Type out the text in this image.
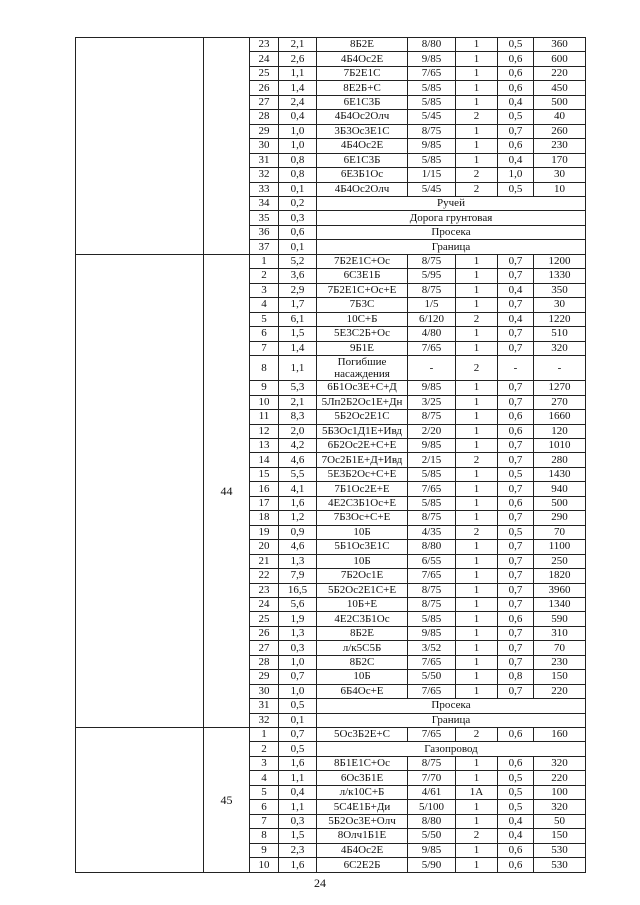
		23	2,1	8Б2Е	8/80	1	0,5	360
		24	2,6	4Б4Ос2Е	9/85	1	0,6	600
		25	1,1	7Б2Е1С	7/65	1	0,6	220
		26	1,4	8Е2Б+С	5/85	1	0,6	450
		27	2,4	6Е1С3Б	5/85	1	0,4	500
		28	0,4	4Б4Ос2Олч	5/45	2	0,5	40
		29	1,0	3Б3Ос3Е1С	8/75	1	0,7	260
		30	1,0	4Б4Ос2Е	9/85	1	0,6	230
		31	0,8	6Е1С3Б	5/85	1	0,4	170
		32	0,8	6Е3Б1Ос	1/15	2	1,0	30
		33	0,1	4Б4Ос2Олч	5/45	2	0,5	10
		34	0,2	Ручей				
		35	0,3	Дорога грунтовая				
		36	0,6	Просека				
		37	0,1	Граница				
	44	1	5,2	7Б2Е1С+Ос	8/75	1	0,7	1200
		2	3,6	6С3Е1Б	5/95	1	0,7	1330
		3	2,9	7Б2Е1С+Ос+Е	8/75	1	0,4	350
		4	1,7	7Б3С	1/5	1	0,7	30
		5	6,1	10С+Б	6/120	2	0,4	1220
		6	1,5	5Е3С2Б+Ос	4/80	1	0,7	510
		7	1,4	9Б1Е	7/65	1	0,7	320
		8	1,1	Погибшие насаждения	-	2	-	-
		9	5,3	6Б1Ос3Е+С+Д	9/85	1	0,7	1270
		10	2,1	5Лп2Б2Ос1Е+Дн	3/25	1	0,7	270
		11	8,3	5Б2Ос2Е1С	8/75	1	0,6	1660
		12	2,0	5Б3Ос1Д1Е+Ивд	2/20	1	0,6	120
		13	4,2	6Б2Ос2Е+С+Е	9/85	1	0,7	1010
		14	4,6	7Ос2Б1Е+Д+Ивд	2/15	2	0,7	280
		15	5,5	5Е3Б2Ос+С+Е	5/85	1	0,5	1430
		16	4,1	7Б1Ос2Е+Е	7/65	1	0,7	940
		17	1,6	4Е2С3Б1Ос+Е	5/85	1	0,6	500
		18	1,2	7Б3Ос+С+Е	8/75	1	0,7	290
		19	0,9	10Б	4/35	2	0,5	70
		20	4,6	5Б1Ос3Е1С	8/80	1	0,7	1100
		21	1,3	10Б	6/55	1	0,7	250
		22	7,9	7Б2Ос1Е	7/65	1	0,7	1820
		23	16,5	5Б2Ос2Е1С+Е	8/75	1	0,7	3960
		24	5,6	10Б+Е	8/75	1	0,7	1340
		25	1,9	4Е2С3Б1Ос	5/85	1	0,6	590
		26	1,3	8Б2Е	9/85	1	0,7	310
		27	0,3	л/к5С5Б	3/52	1	0,7	70
		28	1,0	8Б2С	7/65	1	0,7	230
		29	0,7	10Б	5/50	1	0,8	150
		30	1,0	6Б4Ос+Е	7/65	1	0,7	220
		31	0,5	Просека				
		32	0,1	Граница				
	45	1	0,7	5Ос3Б2Е+С	7/65	2	0,6	160
		2	0,5	Газопровод				
		3	1,6	8Б1Е1С+Ос	8/75	1	0,6	320
		4	1,1	6Ос3Б1Е	7/70	1	0,5	220
		5	0,4	л/к10С+Б	4/61	1А	0,5	100
		6	1,1	5С4Е1Б+Ди	5/100	1	0,5	320
		7	0,3	5Б2Ос3Е+Олч	8/80	1	0,4	50
		8	1,5	8Олч1Б1Е	5/50	2	0,4	150
		9	2,3	4Б4Ос2Е	9/85	1	0,6	530
		10	1,6	6С2Е2Б	5/90	1	0,6	530
24
